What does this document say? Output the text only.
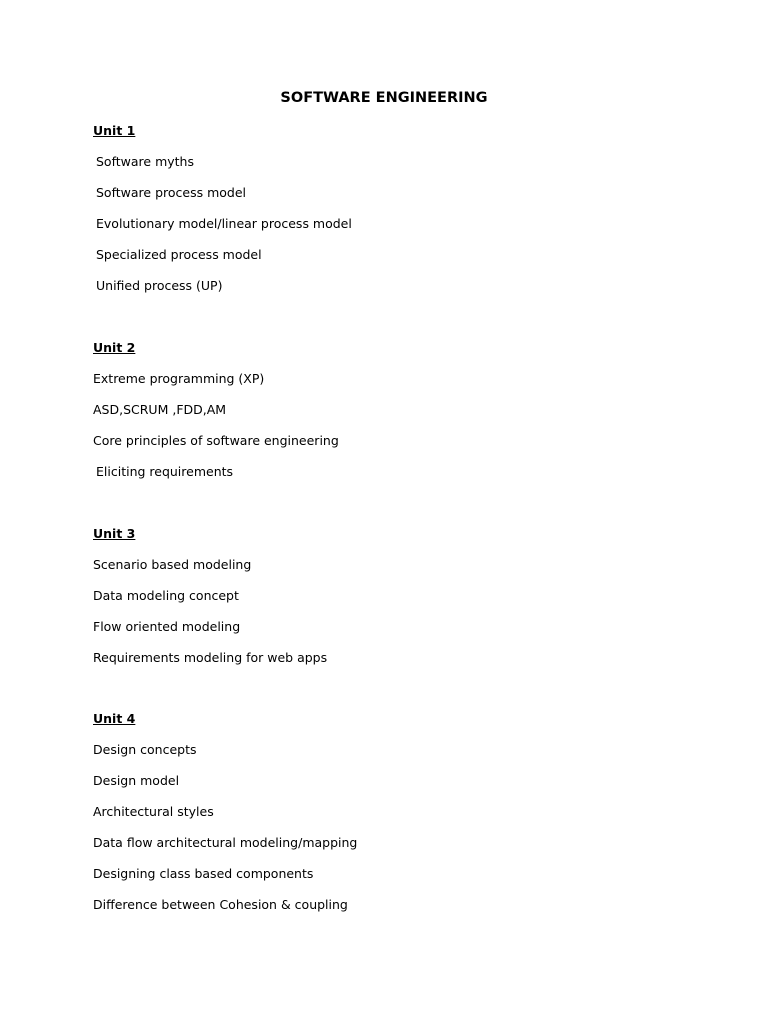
SOFTWARE ENGINEERING
Unit 1
Software myths
Software process model
Evolutionary model/linear process model
Specialized process model
Unified process (UP)
Unit 2
Extreme programming (XP)
ASD,SCRUM ,FDD,AM
Core principles of software engineering
Eliciting requirements
Unit 3
Scenario based modeling
Data modeling concept
Flow oriented modeling
Requirements modeling for web apps
Unit 4
Design concepts
Design model
Architectural styles
Data flow architectural modeling/mapping
Designing class based components
Difference between Cohesion & coupling
